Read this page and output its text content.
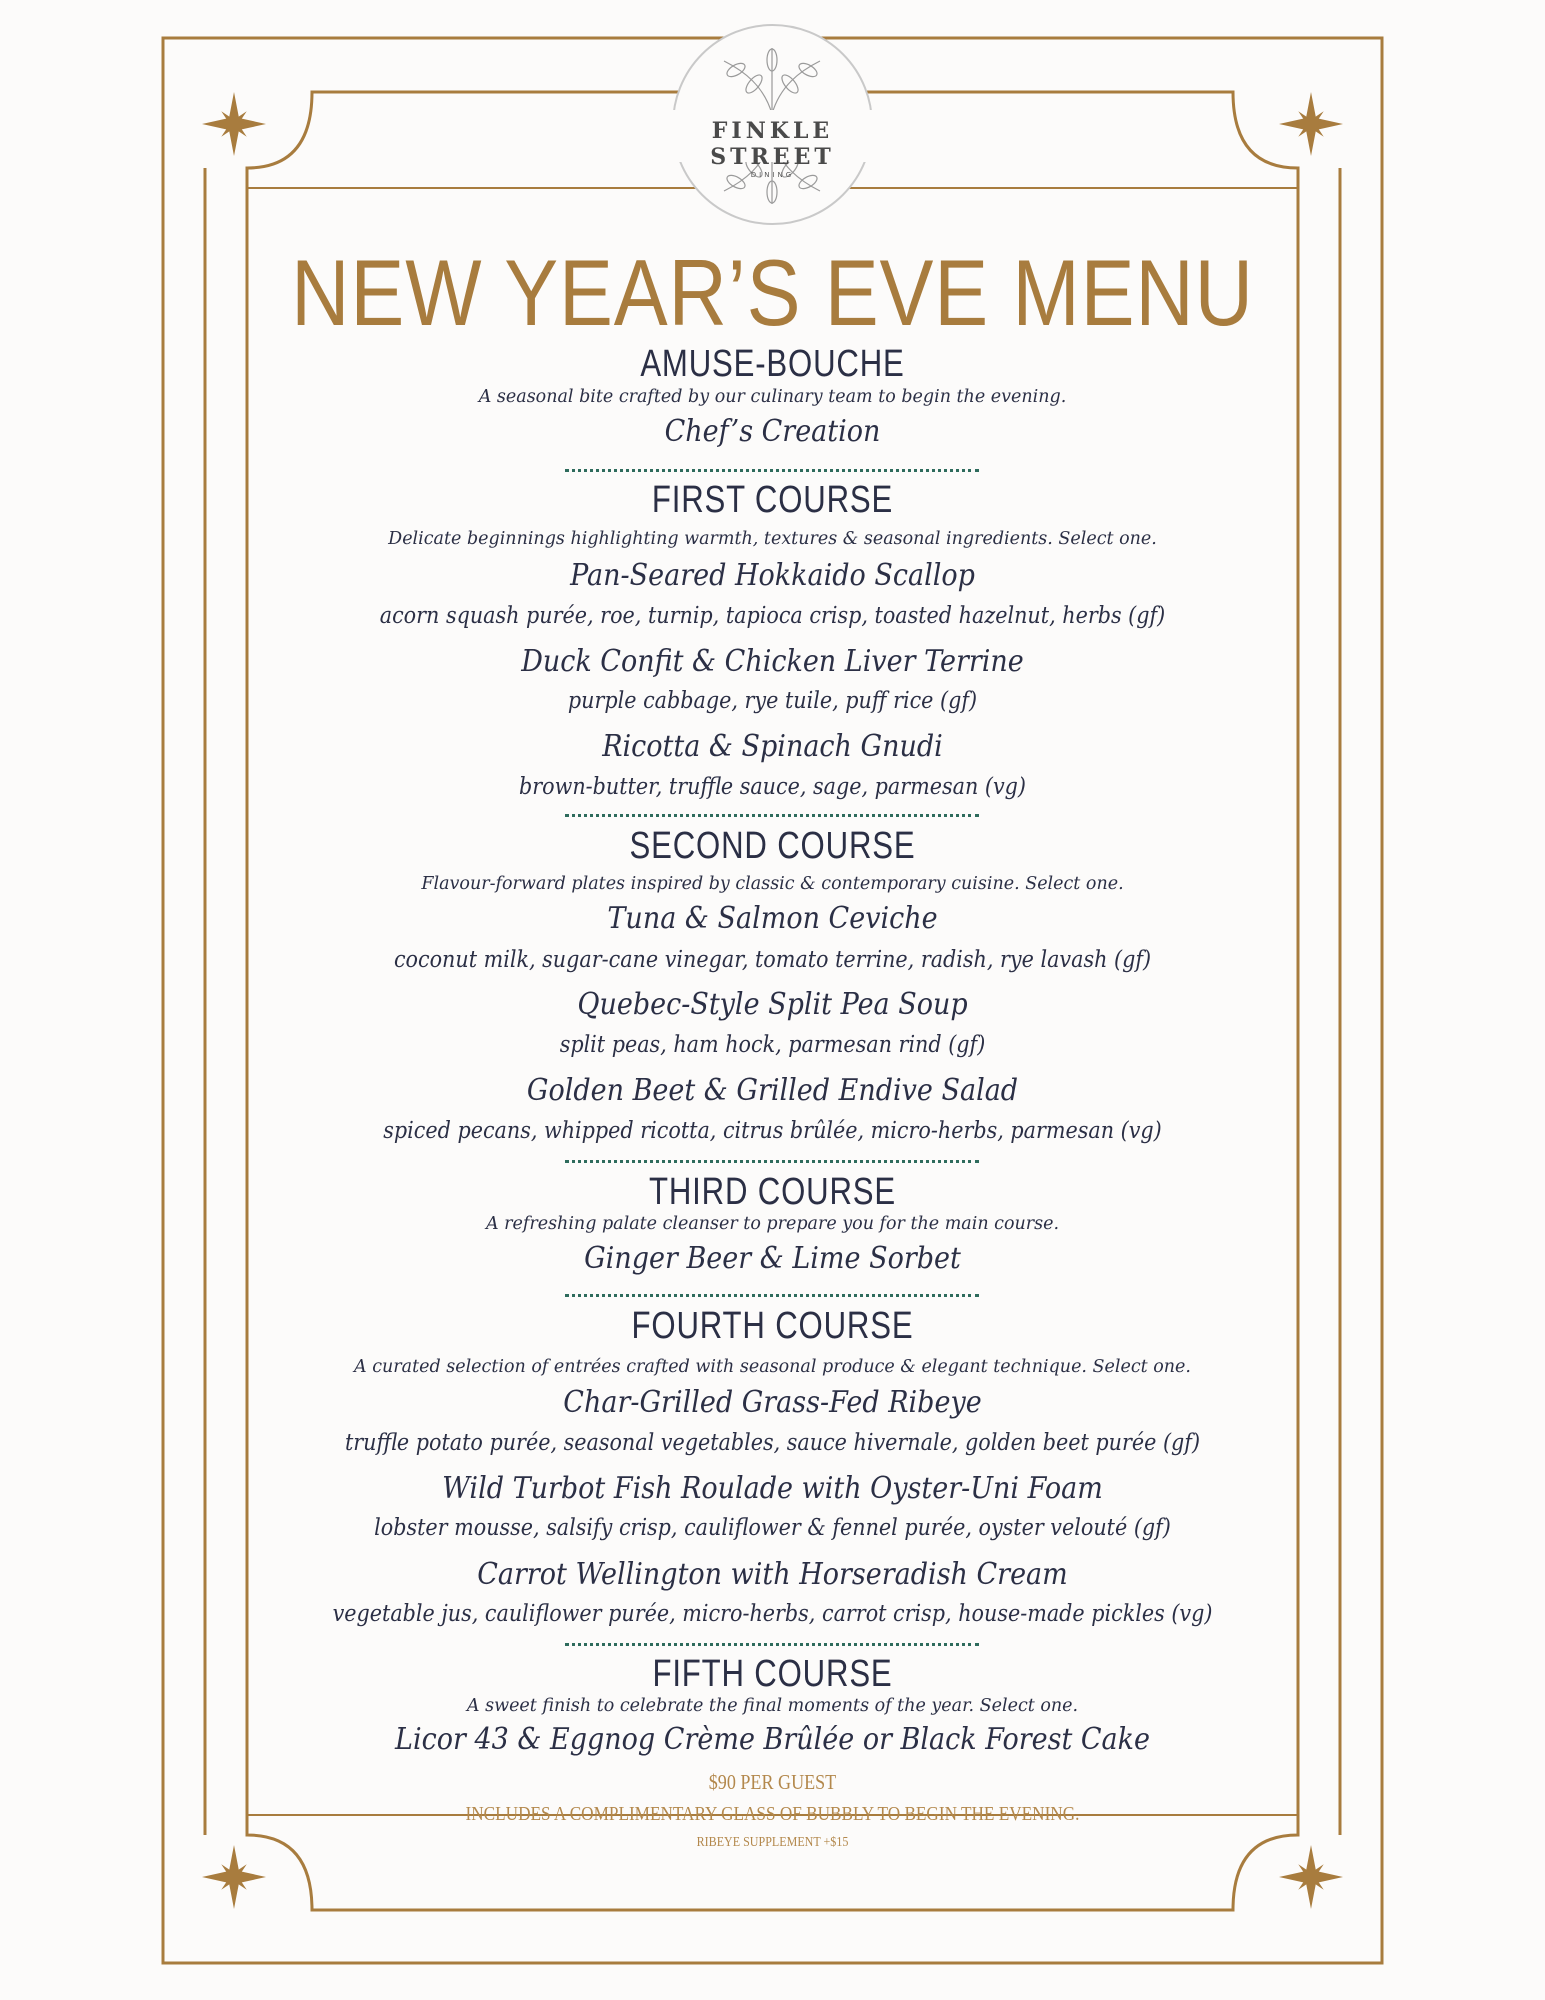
FINKLE STREET
DINING
NEW YEAR’S EVE MENU
AMUSE-BOUCHE
A seasonal bite crafted by our culinary team to begin the evening.
Chef’s Creation
FIRST COURSE
Delicate beginnings highlighting warmth, textures & seasonal ingredients. Select one.
Pan-Seared Hokkaido Scallop
acorn squash purée, roe, turnip, tapioca crisp, toasted hazelnut, herbs (gf)
Duck Confit & Chicken Liver Terrine
purple cabbage, rye tuile, puff rice (gf)
Ricotta & Spinach Gnudi
brown-butter, truffle sauce, sage, parmesan (vg)
SECOND COURSE
Flavour-forward plates inspired by classic & contemporary cuisine. Select one.
Tuna & Salmon Ceviche
coconut milk, sugar-cane vinegar, tomato terrine, radish, rye lavash (gf)
Quebec-Style Split Pea Soup
split peas, ham hock, parmesan rind (gf)
Golden Beet & Grilled Endive Salad
spiced pecans, whipped ricotta, citrus brûlée, micro-herbs, parmesan (vg)
THIRD COURSE
A refreshing palate cleanser to prepare you for the main course.
Ginger Beer & Lime Sorbet
FOURTH COURSE
A curated selection of entrées crafted with seasonal produce & elegant technique. Select one.
Char-Grilled Grass-Fed Ribeye
truffle potato purée, seasonal vegetables, sauce hivernale, golden beet purée (gf)
Wild Turbot Fish Roulade with Oyster-Uni Foam
lobster mousse, salsify crisp, cauliflower & fennel purée, oyster velouté (gf)
Carrot Wellington with Horseradish Cream
vegetable jus, cauliflower purée, micro-herbs, carrot crisp, house-made pickles (vg)
FIFTH COURSE
A sweet finish to celebrate the final moments of the year. Select one.
Licor 43 & Eggnog Crème Brûlée or Black Forest Cake
$90 PER GUEST
INCLUDES A COMPLIMENTARY GLASS OF BUBBLY TO BEGIN THE EVENING.
RIBEYE SUPPLEMENT +$15
